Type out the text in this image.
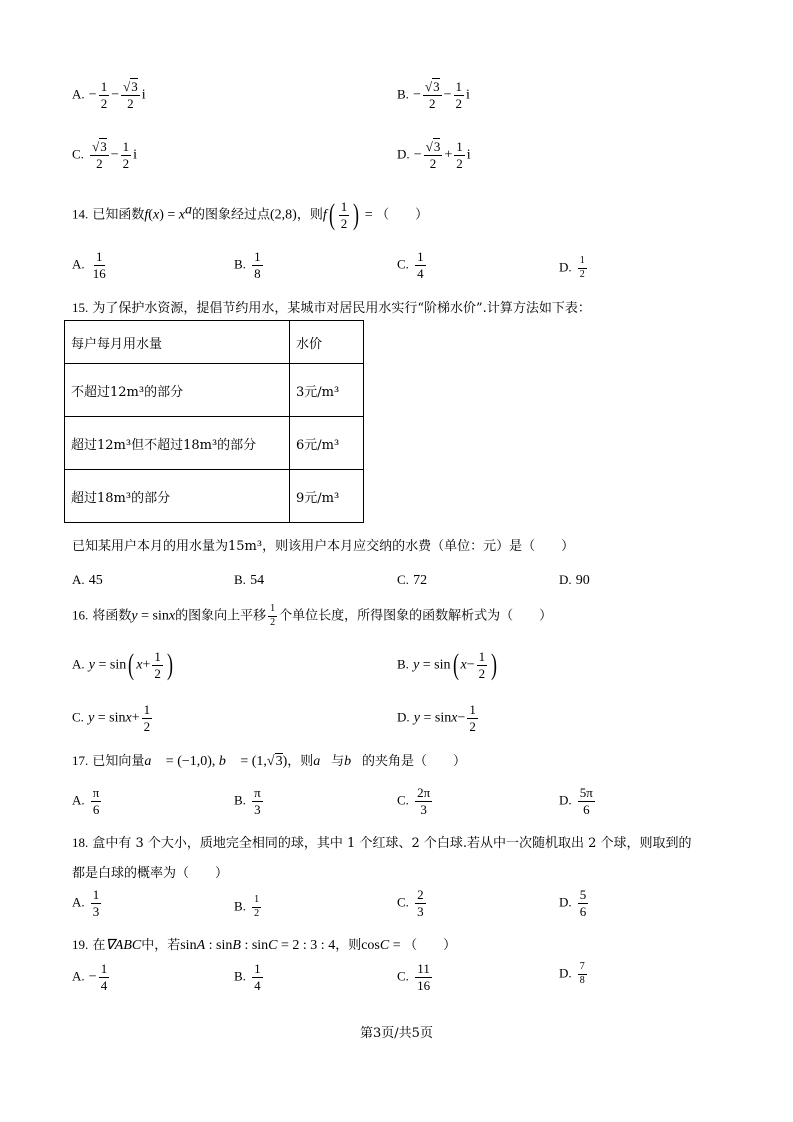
A. − $\frac{1}{2} - \frac{√3}{2}$ i	B. − $\frac{√3}{2} - \frac{1}{2}$ i
C. $\frac{√3}{2} - \frac{1}{2}$ i	D. − $\frac{√3}{2} + \frac{1}{2}$ i
14. 已知函数$f(x) = x^a$的图象经过点(2,8)，则$f( \frac{1}{2}$ ) = （　　）
A. $\frac{1}{16}$	B. $\frac{1}{8}$	C. $\frac{1}{4}$	D. $\frac{1}{2}$
15. 为了保护水资源，提倡节约用水，某城市对居民用水实行“阶梯水价”.计算方法如下表：
每户每月用水量	水价
不超过12m³的部分	3元/m³
超过12m³但不超过18m³的部分	6元/m³
超过18m³的部分	9元/m³
已知某用户本月的用水量为15m³，则该用户本月应交纳的水费（单位：元）是（　　）
A. 45	B. 54	C. 72	D. 90
16. 将函数y = sinx的图象向上平移 $\frac{1}{2}$ 个单位长度，所得图象的函数解析式为（　　）
A. y = sin( $x+ \frac{1}{2}$ )	B. y = sin( $x- \frac{1}{2}$ )
C. $y = \sin x+ \frac{1}{2}$	D. $y = \sin x- \frac{1}{2}$
17. 已知向量a⃗ = (−1,0), b⃗ = (1,√3)，则a⃗与b⃗的夹角是（　　）
A. $\frac{\pi}{6}$	B. $\frac{\pi}{3}$	C. $\frac{2\pi}{3}$	D. $\frac{5\pi}{6}$
18. 盒中有 3 个大小，质地完全相同的球，其中 1 个红球、2 个白球.若从中一次随机取出 2 个球，则取到的
都是白球的概率为（　　）
A. $\frac{1}{3}$	B. $\frac{1}{2}$	C. $\frac{2}{3}$	D. $\frac{5}{6}$
19. 在∇ABC中，若sinA : sinB : sinC = 2 : 3 : 4，则cosC = （　　）
A. − $\frac{1}{4}$	B. $\frac{1}{4}$	C. $\frac{11}{16}$	D. $\frac{7}{8}$
第3页/共5页
